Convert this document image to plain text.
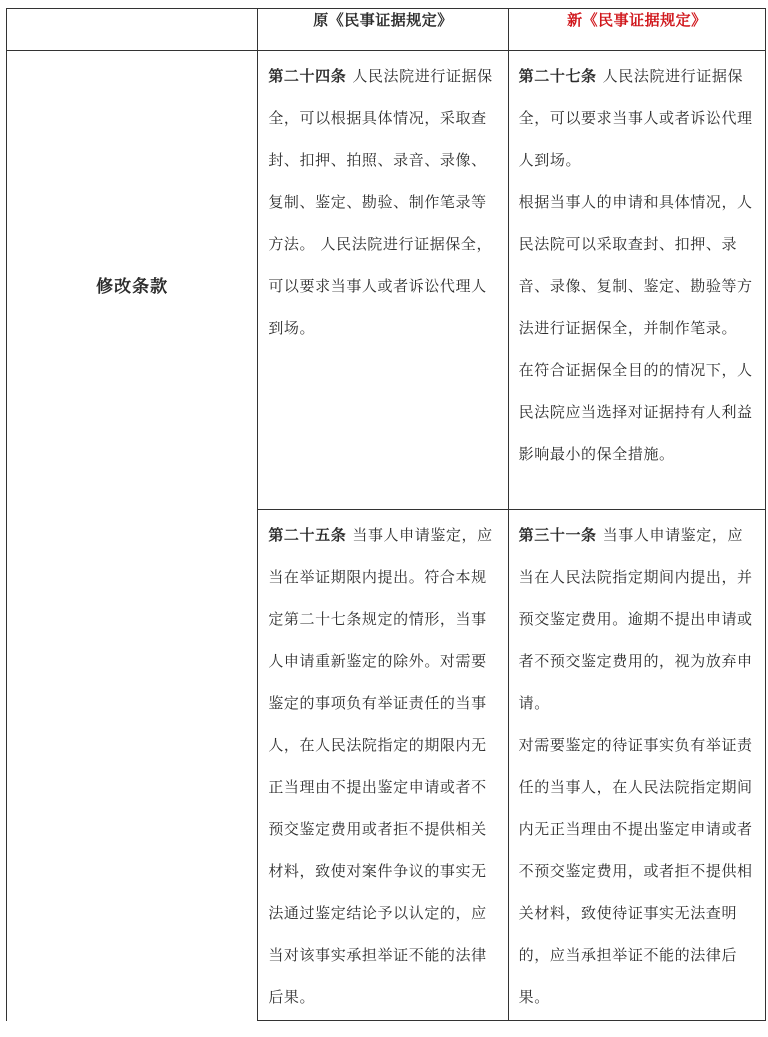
	原《民事证据规定》	新《民事证据规定》

修改条款	第二十四条 人民法院进行证据保全，可以根据具体情况，采取查封、扣押、拍照、录音、录像、复制、鉴定、勘验、制作笔录等方法。 人民法院进行证据保全，可以要求当事人或者诉讼代理人到场。	第二十七条 人民法院进行证据保全，可以要求当事人或者诉讼代理人到场。

根据当事人的申请和具体情况，人民法院可以采取查封、扣押、录音、录像、复制、鉴定、勘验等方法进行证据保全，并制作笔录。

在符合证据保全目的的情况下，人民法院应当选择对证据持有人利益影响最小的保全措施。

	第二十五条 当事人申请鉴定，应当在举证期限内提出。符合本规定第二十七条规定的情形，当事人申请重新鉴定的除外。对需要鉴定的事项负有举证责任的当事人，在人民法院指定的期限内无正当理由不提出鉴定申请或者不预交鉴定费用或者拒不提供相关材料，致使对案件争议的事实无法通过鉴定结论予以认定的，应当对该事实承担举证不能的法律后果。	第三十一条 当事人申请鉴定，应当在人民法院指定期间内提出，并预交鉴定费用。逾期不提出申请或者不预交鉴定费用的，视为放弃申请。

对需要鉴定的待证事实负有举证责任的当事人，在人民法院指定期间内无正当理由不提出鉴定申请或者不预交鉴定费用，或者拒不提供相关材料，致使待证事实无法查明的，应当承担举证不能的法律后果。
